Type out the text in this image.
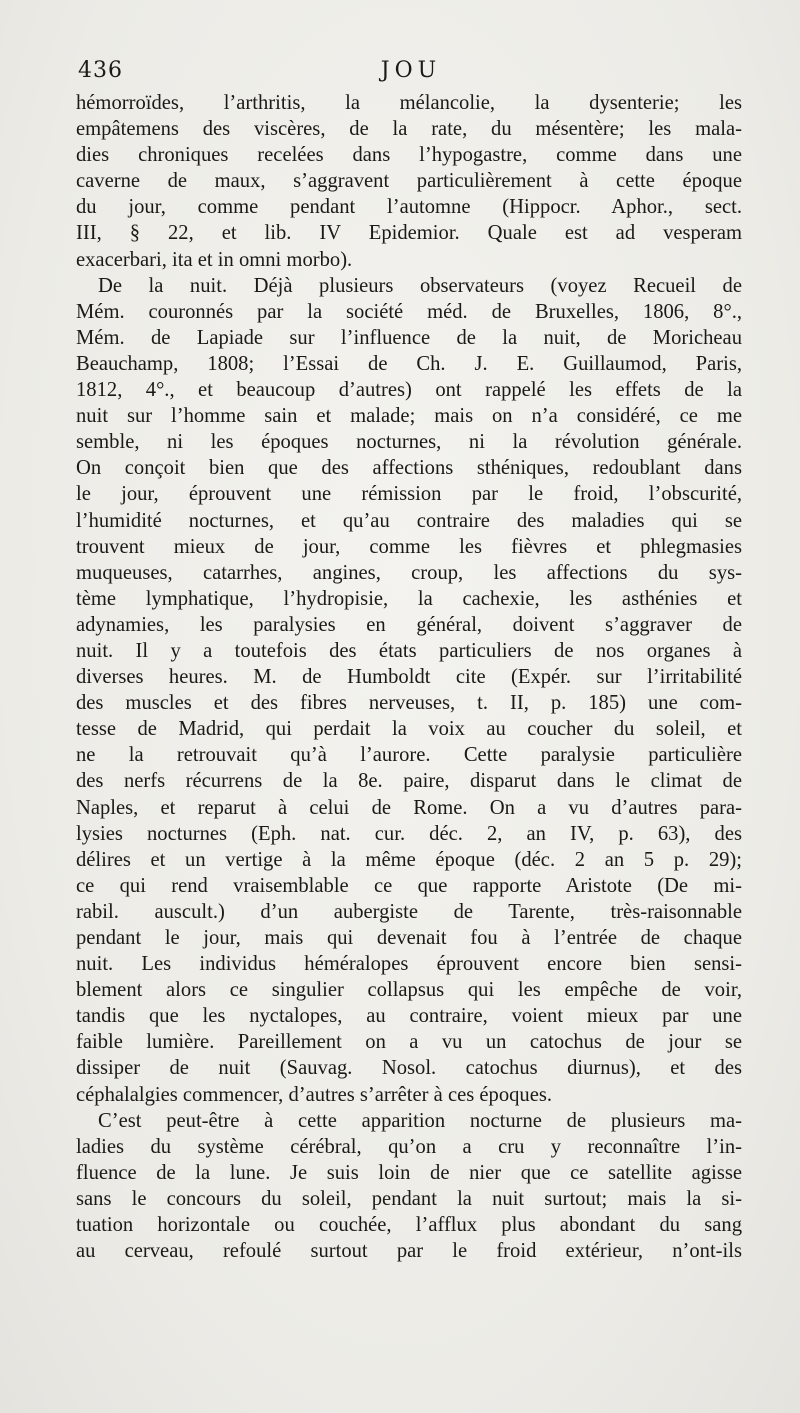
436	JOU
hémorroïdes, l’arthritis, la mélancolie, la dysenterie; les
empâtemens des viscères, de la rate, du mésentère; les mala-
dies chroniques recelées dans l’hypogastre, comme dans une
caverne de maux, s’aggravent particulièrement à cette époque
du jour, comme pendant l’automne (Hippocr. Aphor., sect.
III, § 22, et lib. IV Epidemior. Quale est ad vesperam
exacerbari, ita et in omni morbo).
De la nuit. Déjà plusieurs observateurs (voyez Recueil de
Mém. couronnés par la société méd. de Bruxelles, 1806, 8°.,
Mém. de Lapiade sur l’influence de la nuit, de Moricheau
Beauchamp, 1808; l’Essai de Ch. J. E. Guillaumod, Paris,
1812, 4°., et beaucoup d’autres) ont rappelé les effets de la
nuit sur l’homme sain et malade; mais on n’a considéré, ce me
semble, ni les époques nocturnes, ni la révolution générale.
On conçoit bien que des affections sthéniques, redoublant dans
le jour, éprouvent une rémission par le froid, l’obscurité,
l’humidité nocturnes, et qu’au contraire des maladies qui se
trouvent mieux de jour, comme les fièvres et phlegmasies
muqueuses, catarrhes, angines, croup, les affections du sys-
tème lymphatique, l’hydropisie, la cachexie, les asthénies et
adynamies, les paralysies en général, doivent s’aggraver de
nuit. Il y a toutefois des états particuliers de nos organes à
diverses heures. M. de Humboldt cite (Expér. sur l’irritabilité
des muscles et des fibres nerveuses, t. II, p. 185) une com-
tesse de Madrid, qui perdait la voix au coucher du soleil, et
ne la retrouvait qu’à l’aurore. Cette paralysie particulière
des nerfs récurrens de la 8e. paire, disparut dans le climat de
Naples, et reparut à celui de Rome. On a vu d’autres para-
lysies nocturnes (Eph. nat. cur. déc. 2, an IV, p. 63), des
délires et un vertige à la même époque (déc. 2 an 5 p. 29);
ce qui rend vraisemblable ce que rapporte Aristote (De mi-
rabil. auscult.) d’un aubergiste de Tarente, très-raisonnable
pendant le jour, mais qui devenait fou à l’entrée de chaque
nuit. Les individus héméralopes éprouvent encore bien sensi-
blement alors ce singulier collapsus qui les empêche de voir,
tandis que les nyctalopes, au contraire, voient mieux par une
faible lumière. Pareillement on a vu un catochus de jour se
dissiper de nuit (Sauvag. Nosol. catochus diurnus), et des
céphalalgies commencer, d’autres s’arrêter à ces époques.
C’est peut-être à cette apparition nocturne de plusieurs ma-
ladies du système cérébral, qu’on a cru y reconnaître l’in-
fluence de la lune. Je suis loin de nier que ce satellite agisse
sans le concours du soleil, pendant la nuit surtout; mais la si-
tuation horizontale ou couchée, l’afflux plus abondant du sang
au cerveau, refoulé surtout par le froid extérieur, n’ont-ils
